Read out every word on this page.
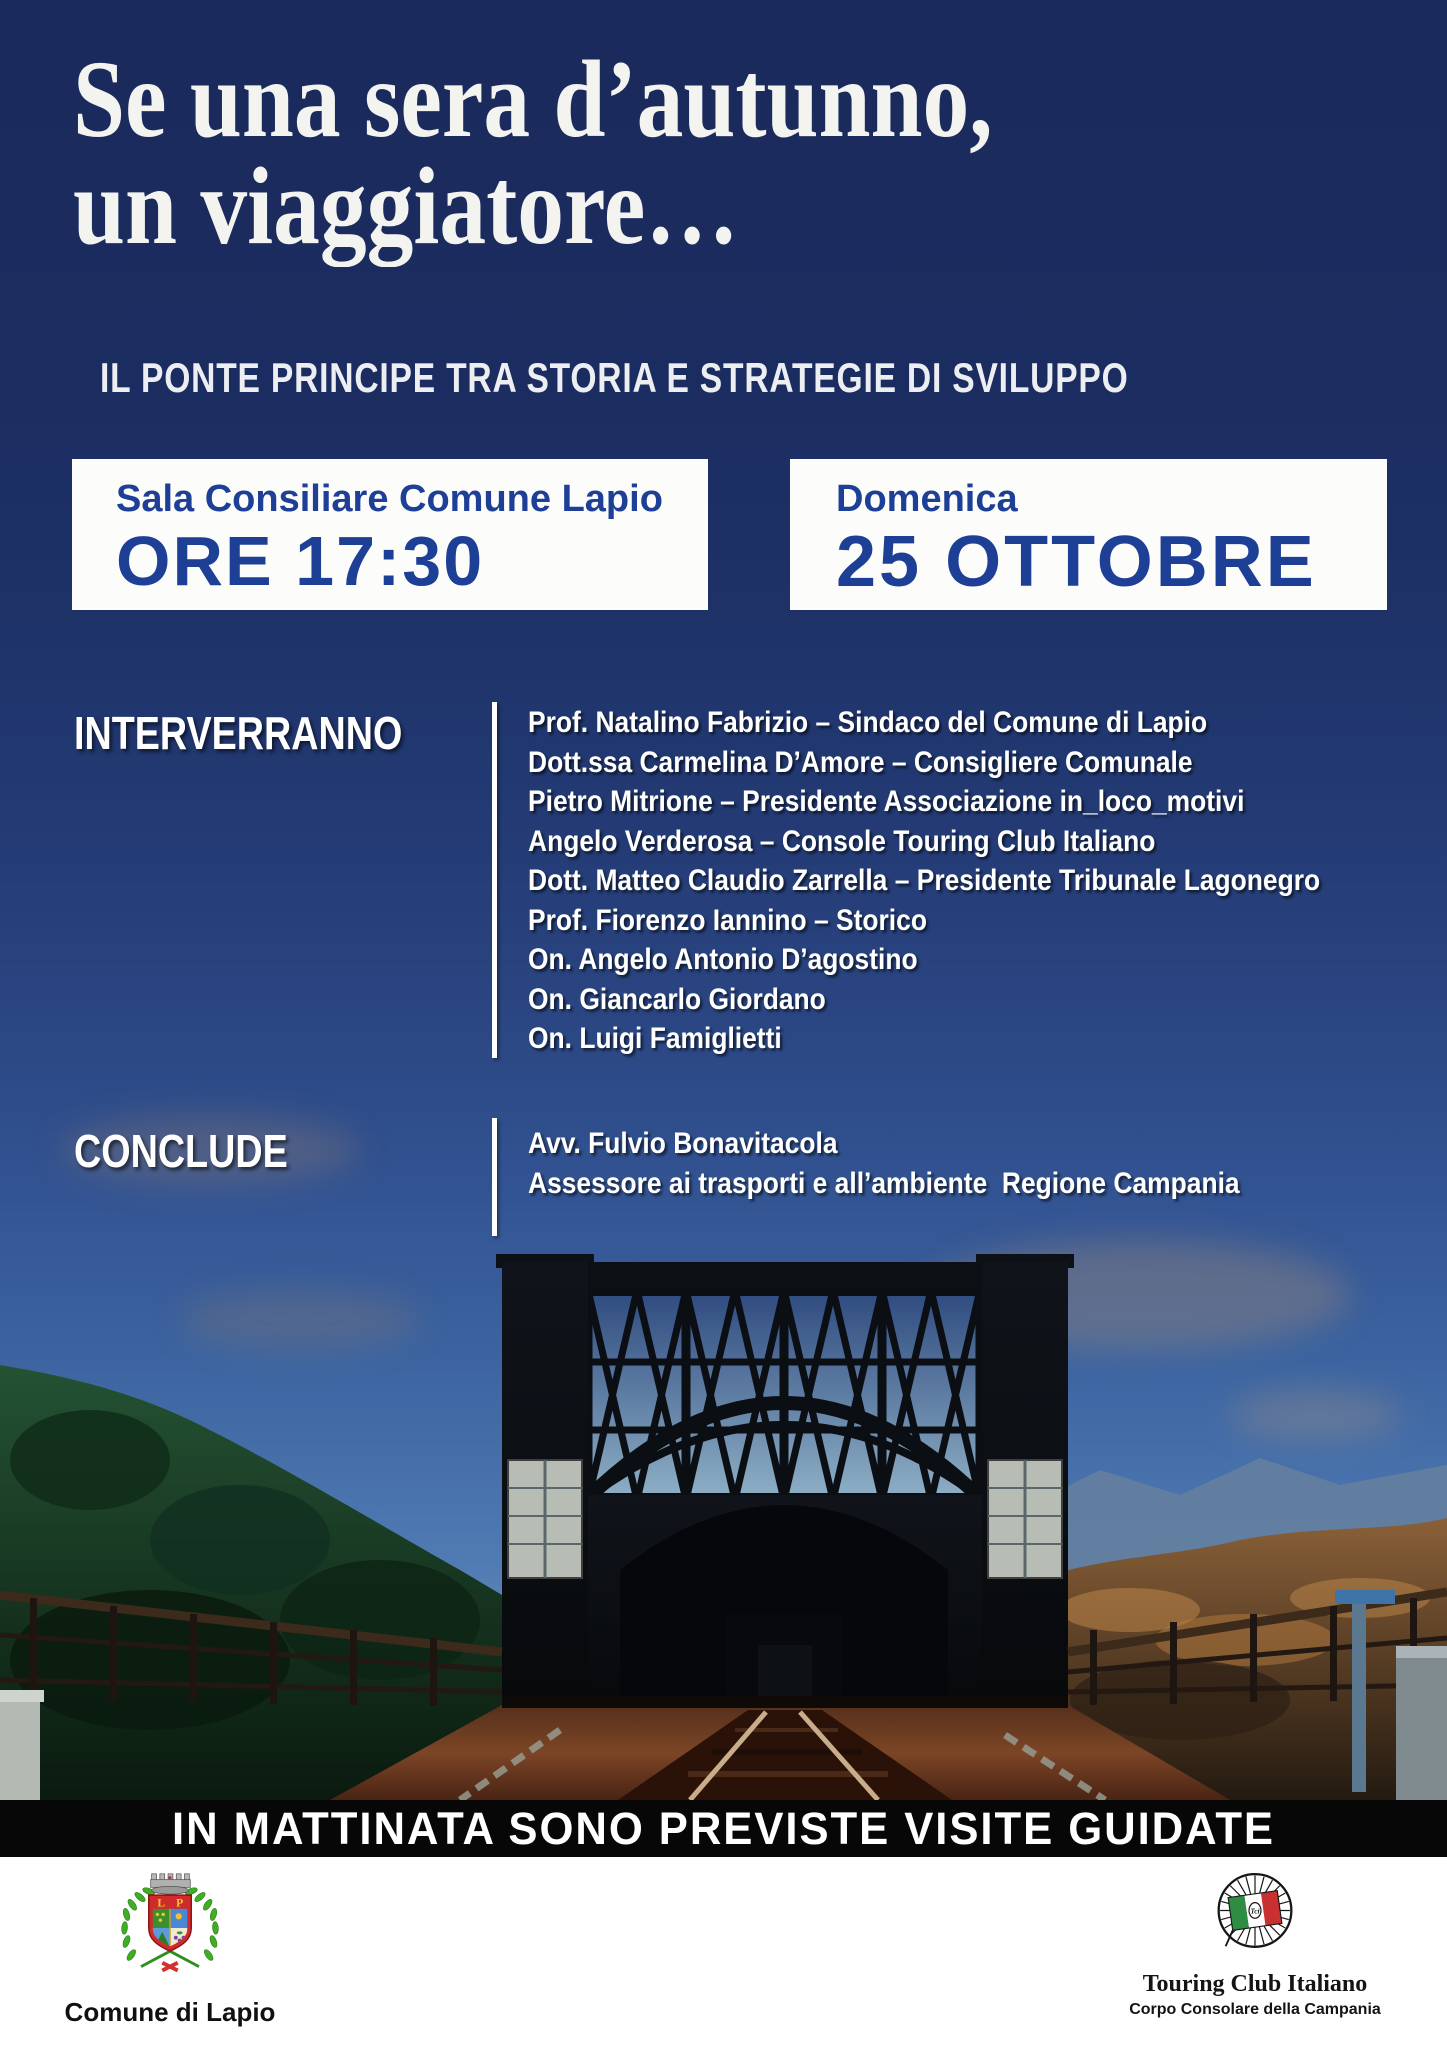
Se una sera d’autunno,
un viaggiatore…
IL PONTE PRINCIPE TRA STORIA E STRATEGIE DI SVILUPPO
Sala Consiliare Comune Lapio
ORE 17:30
Domenica
25 OTTOBRE
INTERVERRANNO	Prof. Natalino Fabrizio – Sindaco del Comune di Lapio
Dott.ssa Carmelina D’Amore – Consigliere Comunale
Pietro Mitrione – Presidente Associazione in_loco_motivi
Angelo Verderosa – Console Touring Club Italiano
Dott. Matteo Claudio Zarrella – Presidente Tribunale Lagonegro
Prof. Fiorenzo Iannino – Storico
On. Angelo Antonio D’agostino
On. Giancarlo Giordano
On. Luigi Famiglietti
CONCLUDE	Avv. Fulvio Bonavitacola
Assessore ai trasporti e all’ambiente  Regione Campania
IN MATTINATA SONO PREVISTE VISITE GUIDATE
L P
Comune di Lapio
Tci
Touring Club Italiano
Corpo Consolare della Campania
